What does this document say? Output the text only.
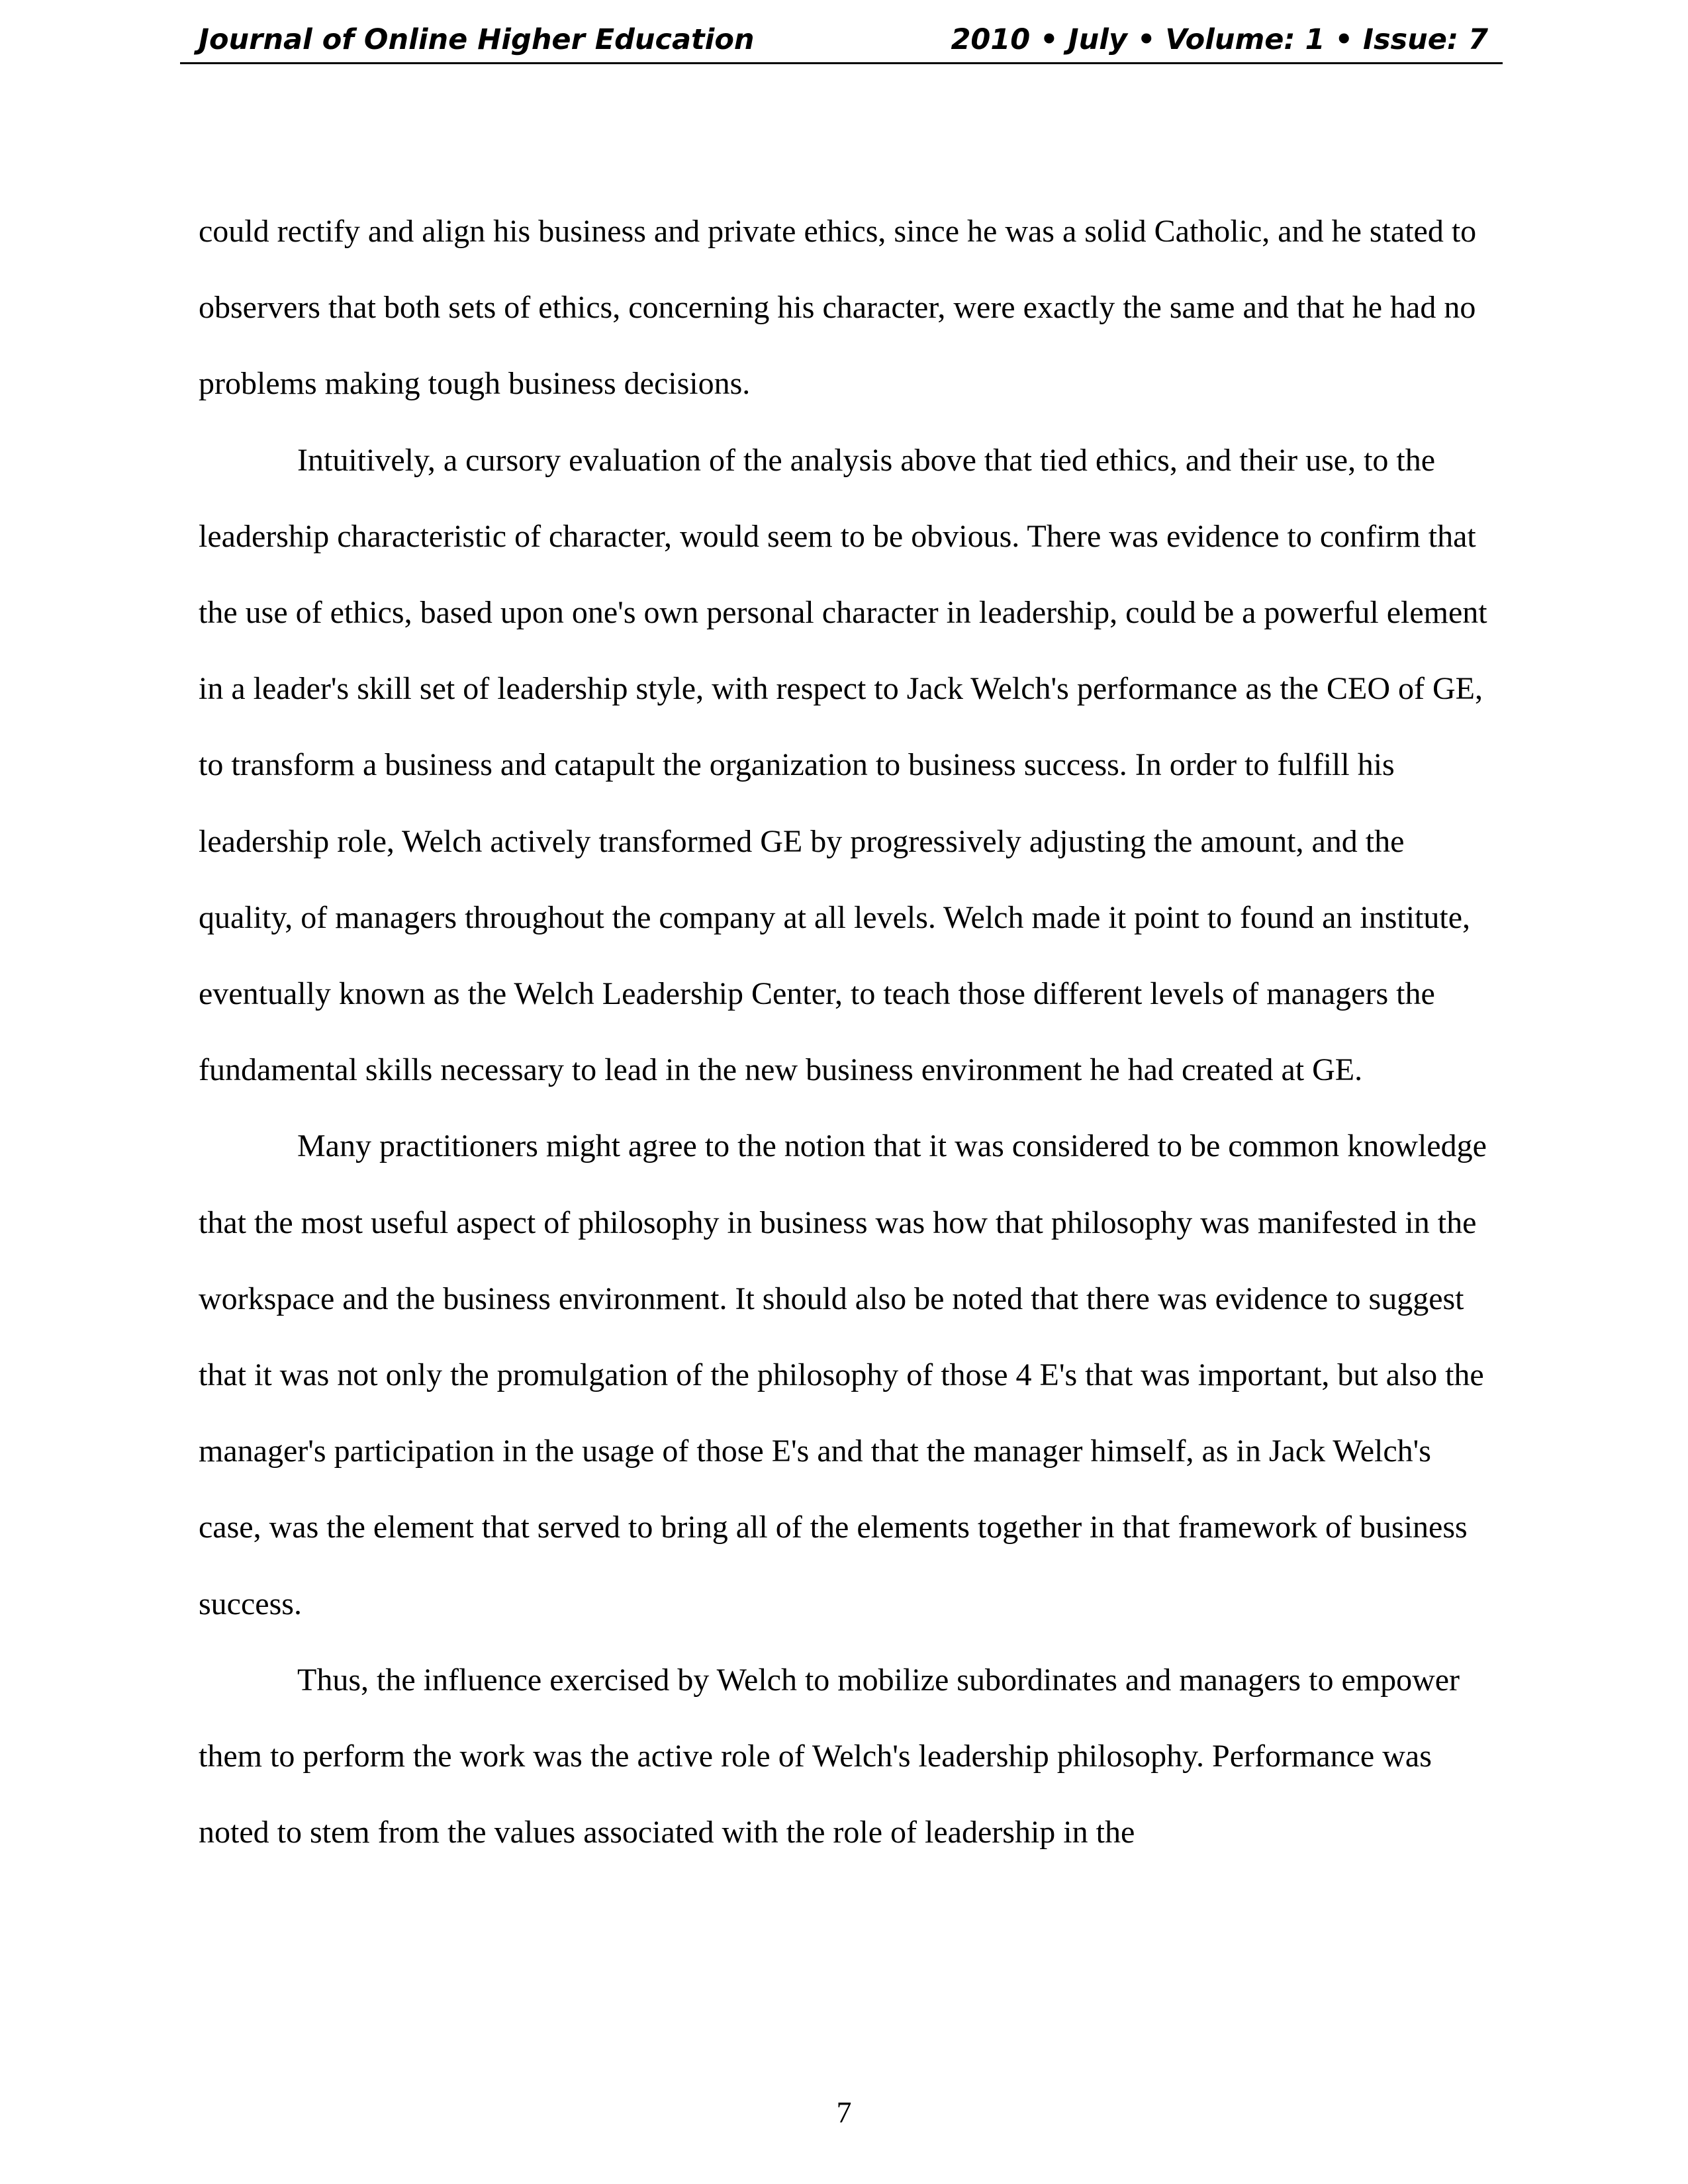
Journal of Online Higher Education	2010 • July • Volume: 1 • Issue: 7

could rectify and align his business and private ethics, since he was a solid Catholic, and he stated to observers that both sets of ethics, concerning his character, were exactly the same and that he had no problems making tough business decisions.

Intuitively, a cursory evaluation of the analysis above that tied ethics, and their use, to the leadership characteristic of character, would seem to be obvious. There was evidence to confirm that the use of ethics, based upon one's own personal character in leadership, could be a powerful element in a leader's skill set of leadership style, with respect to Jack Welch's performance as the CEO of GE, to transform a business and catapult the organization to business success. In order to fulfill his leadership role, Welch actively transformed GE by progressively adjusting the amount, and the quality, of managers throughout the company at all levels. Welch made it point to found an institute, eventually known as the Welch Leadership Center, to teach those different levels of managers the fundamental skills necessary to lead in the new business environment he had created at GE.

Many practitioners might agree to the notion that it was considered to be common knowledge that the most useful aspect of philosophy in business was how that philosophy was manifested in the workspace and the business environment. It should also be noted that there was evidence to suggest that it was not only the promulgation of the philosophy of those 4 E's that was important, but also the manager's participation in the usage of those E's and that the manager himself, as in Jack Welch's case, was the element that served to bring all of the elements together in that framework of business success.

Thus, the influence exercised by Welch to mobilize subordinates and managers to empower them to perform the work was the active role of Welch's leadership philosophy. Performance was noted to stem from the values associated with the role of leadership in the

7
